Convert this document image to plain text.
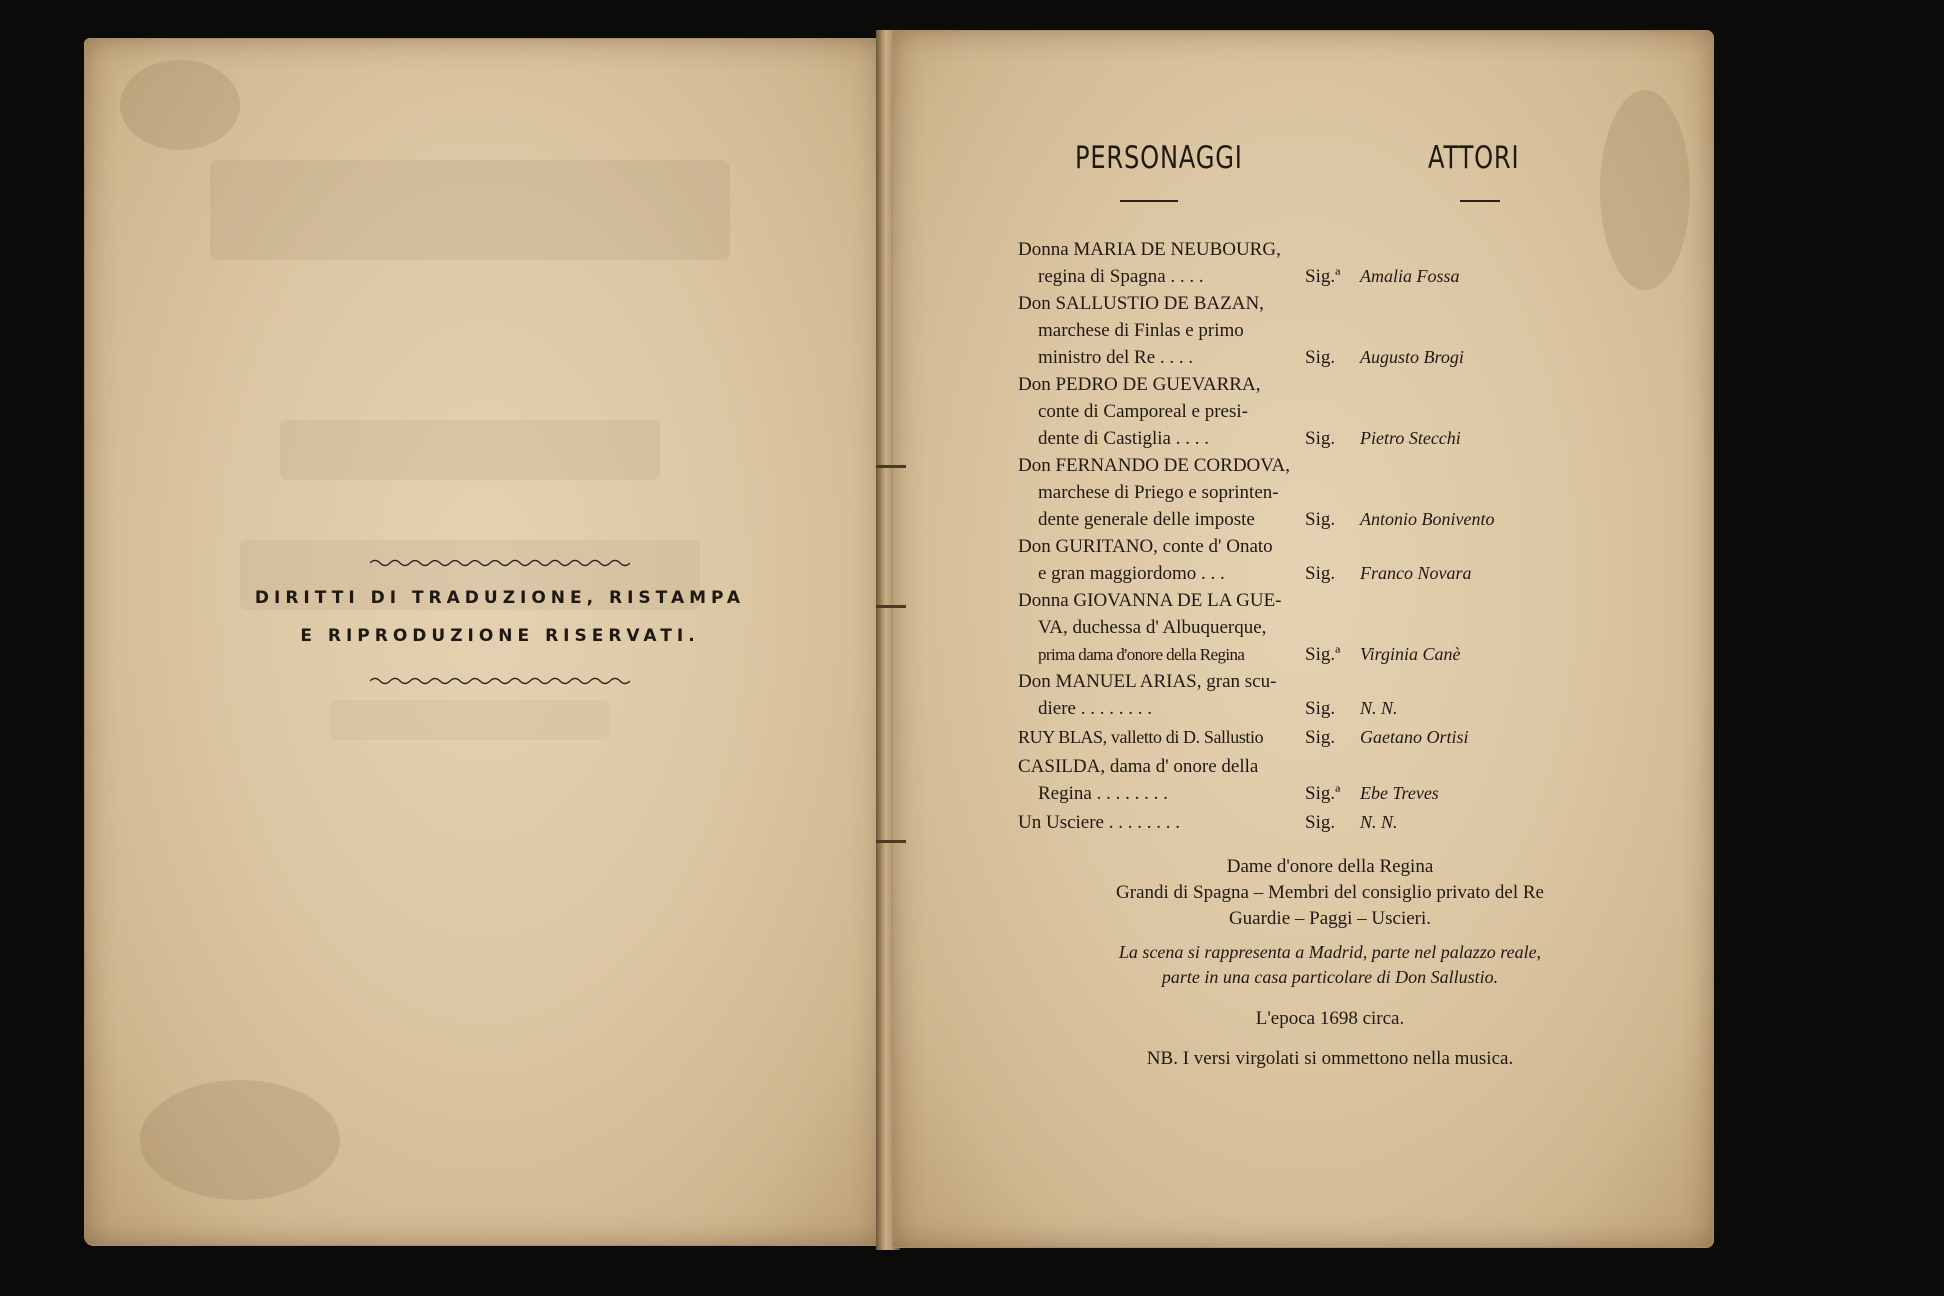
DIRITTI DI TRADUZIONE, RISTAMPA

E RIPRODUZIONE RISERVATI.

PERSONAGGI	ATTORI
Donna MARIA DE NEUBOURG,
regina di Spagna . . . .	Sig.ª Amalia Fossa
Don SALLUSTIO DE BAZAN,
marchese di Finlas e primo
ministro del Re . . . .	Sig. Augusto Brogi
Don PEDRO DE GUEVARRA,
conte di Camporeal e presi-
dente di Castiglia . . . .	Sig. Pietro Stecchi
Don FERNANDO DE CORDOVA,
marchese di Priego e soprinten-
dente generale delle imposte	Sig. Antonio Bonivento
Don GURITANO, conte d' Onato
e gran maggiordomo . . .	Sig. Franco Novara
Donna GIOVANNA DE LA GUE-
VA, duchessa d' Albuquerque,
prima dama d'onore della Regina	Sig.ª Virginia Canè
Don MANUEL ARIAS, gran scu-
diere . . . . . . . .	Sig. N. N.
RUY BLAS, valletto di D. Sallustio Sig. Gaetano Ortisi
CASILDA, dama d' onore della
Regina . . . . . . . .	Sig.ª Ebe Treves
Un Usciere . . . . . . . .	Sig. N. N.
Dame d'onore della Regina
Grandi di Spagna – Membri del consiglio privato del Re
Guardie – Paggi – Uscieri.
La scena si rappresenta a Madrid, parte nel palazzo reale,
parte in una casa particolare di Don Sallustio.
L'epoca 1698 circa.
NB. I versi virgolati si ommettono nella musica.
